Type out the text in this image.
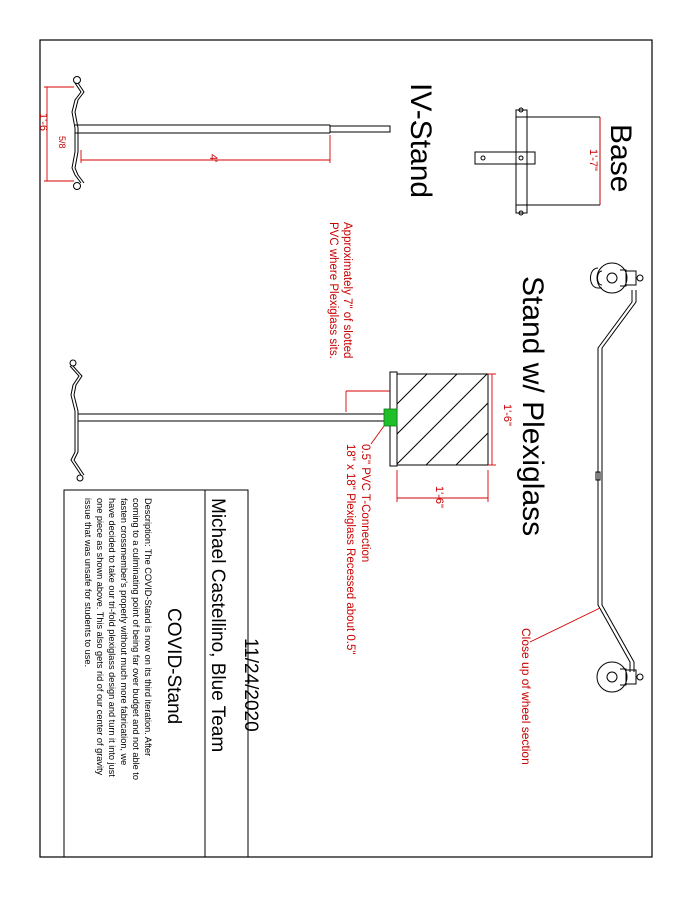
1'-7" Base
1'-6
5/8
4'	IV-Stand
1'-6"
1'-6" Stand w/ Plexiglass
Approximately 7" of slotted
PVC where Plexiglass sits.
0.5" PVC T-Connection
18" x 18" Plexiglass Recessed about 0.5"
Close up of wheel section
11/24/2020
Michael Castellino, Blue Team
COVID-Stand
Description: The COVID-Stand is now on its third iteration. After
coming to a culminating point of being far over budget and not able to
fasten crossmember's properly without much more fabrication, we
have decided to take our tri-fold plexiglass design and turn it into just
one piece as shown above. This also gets rid of our center of gravity
issue that was unsafe for students to use.
